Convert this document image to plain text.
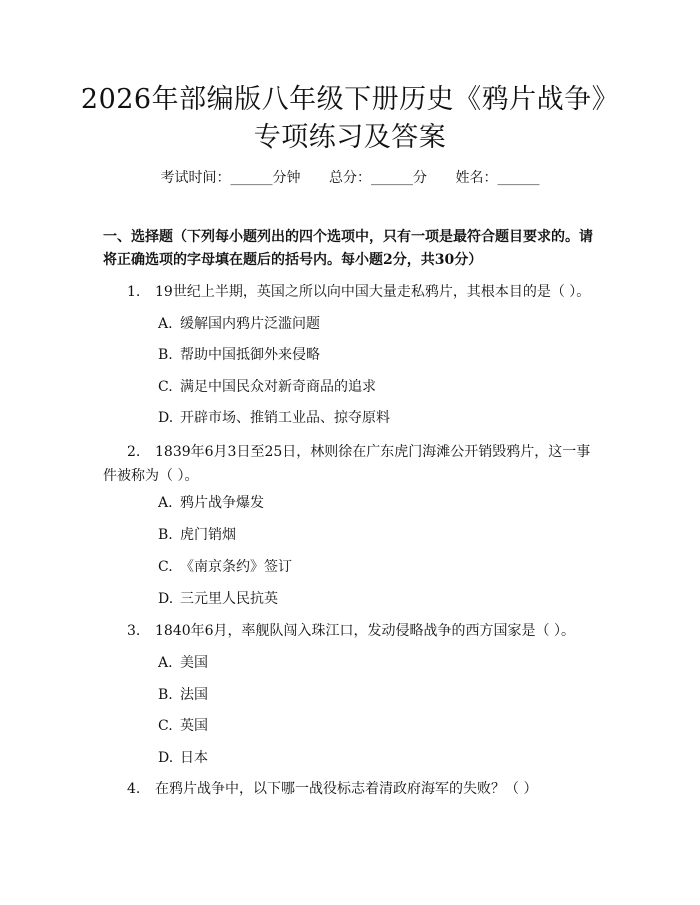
2026年部编版八年级下册历史《鸦片战争》
专项练习及答案
考试时间：______分钟 总分：______分 姓名：______
一、选择题（下列每小题列出的四个选项中，只有一项是最符合题目要求的。请将正确选项的字母填在题后的括号内。每小题2分，共30分）
1. 19世纪上半期，英国之所以向中国大量走私鸦片，其根本目的是（ ）。
A. 缓解国内鸦片泛滥问题
B. 帮助中国抵御外来侵略
C. 满足中国民众对新奇商品的追求
D. 开辟市场、推销工业品、掠夺原料
2. 1839年6月3日至25日，林则徐在广东虎门海滩公开销毁鸦片，这一事件被称为（ ）。
A. 鸦片战争爆发
B. 虎门销烟
C. 《南京条约》签订
D. 三元里人民抗英
3. 1840年6月，率舰队闯入珠江口，发动侵略战争的西方国家是（ ）。
A. 美国
B. 法国
C. 英国
D. 日本
4. 在鸦片战争中，以下哪一战役标志着清政府海军的失败？（ ）
